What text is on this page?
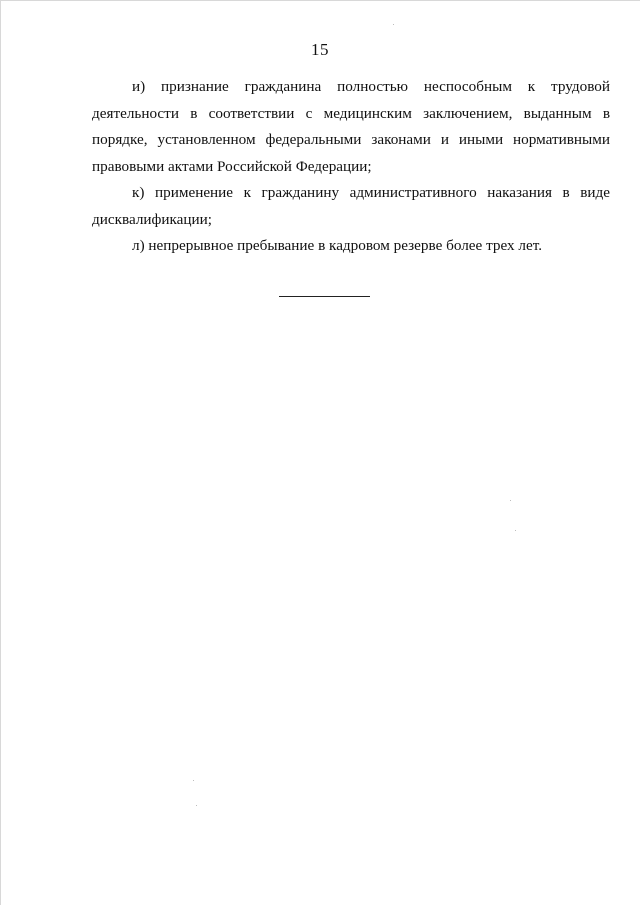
15

и) признание гражданина полностью неспособным к трудовой деятельности в соответствии с медицинским заключением, выданным в порядке, установленном федеральными законами и иными нормативными правовыми актами Российской Федерации;

к) применение к гражданину административного наказания в виде дисквалификации;

л) непрерывное пребывание в кадровом резерве более трех лет.
